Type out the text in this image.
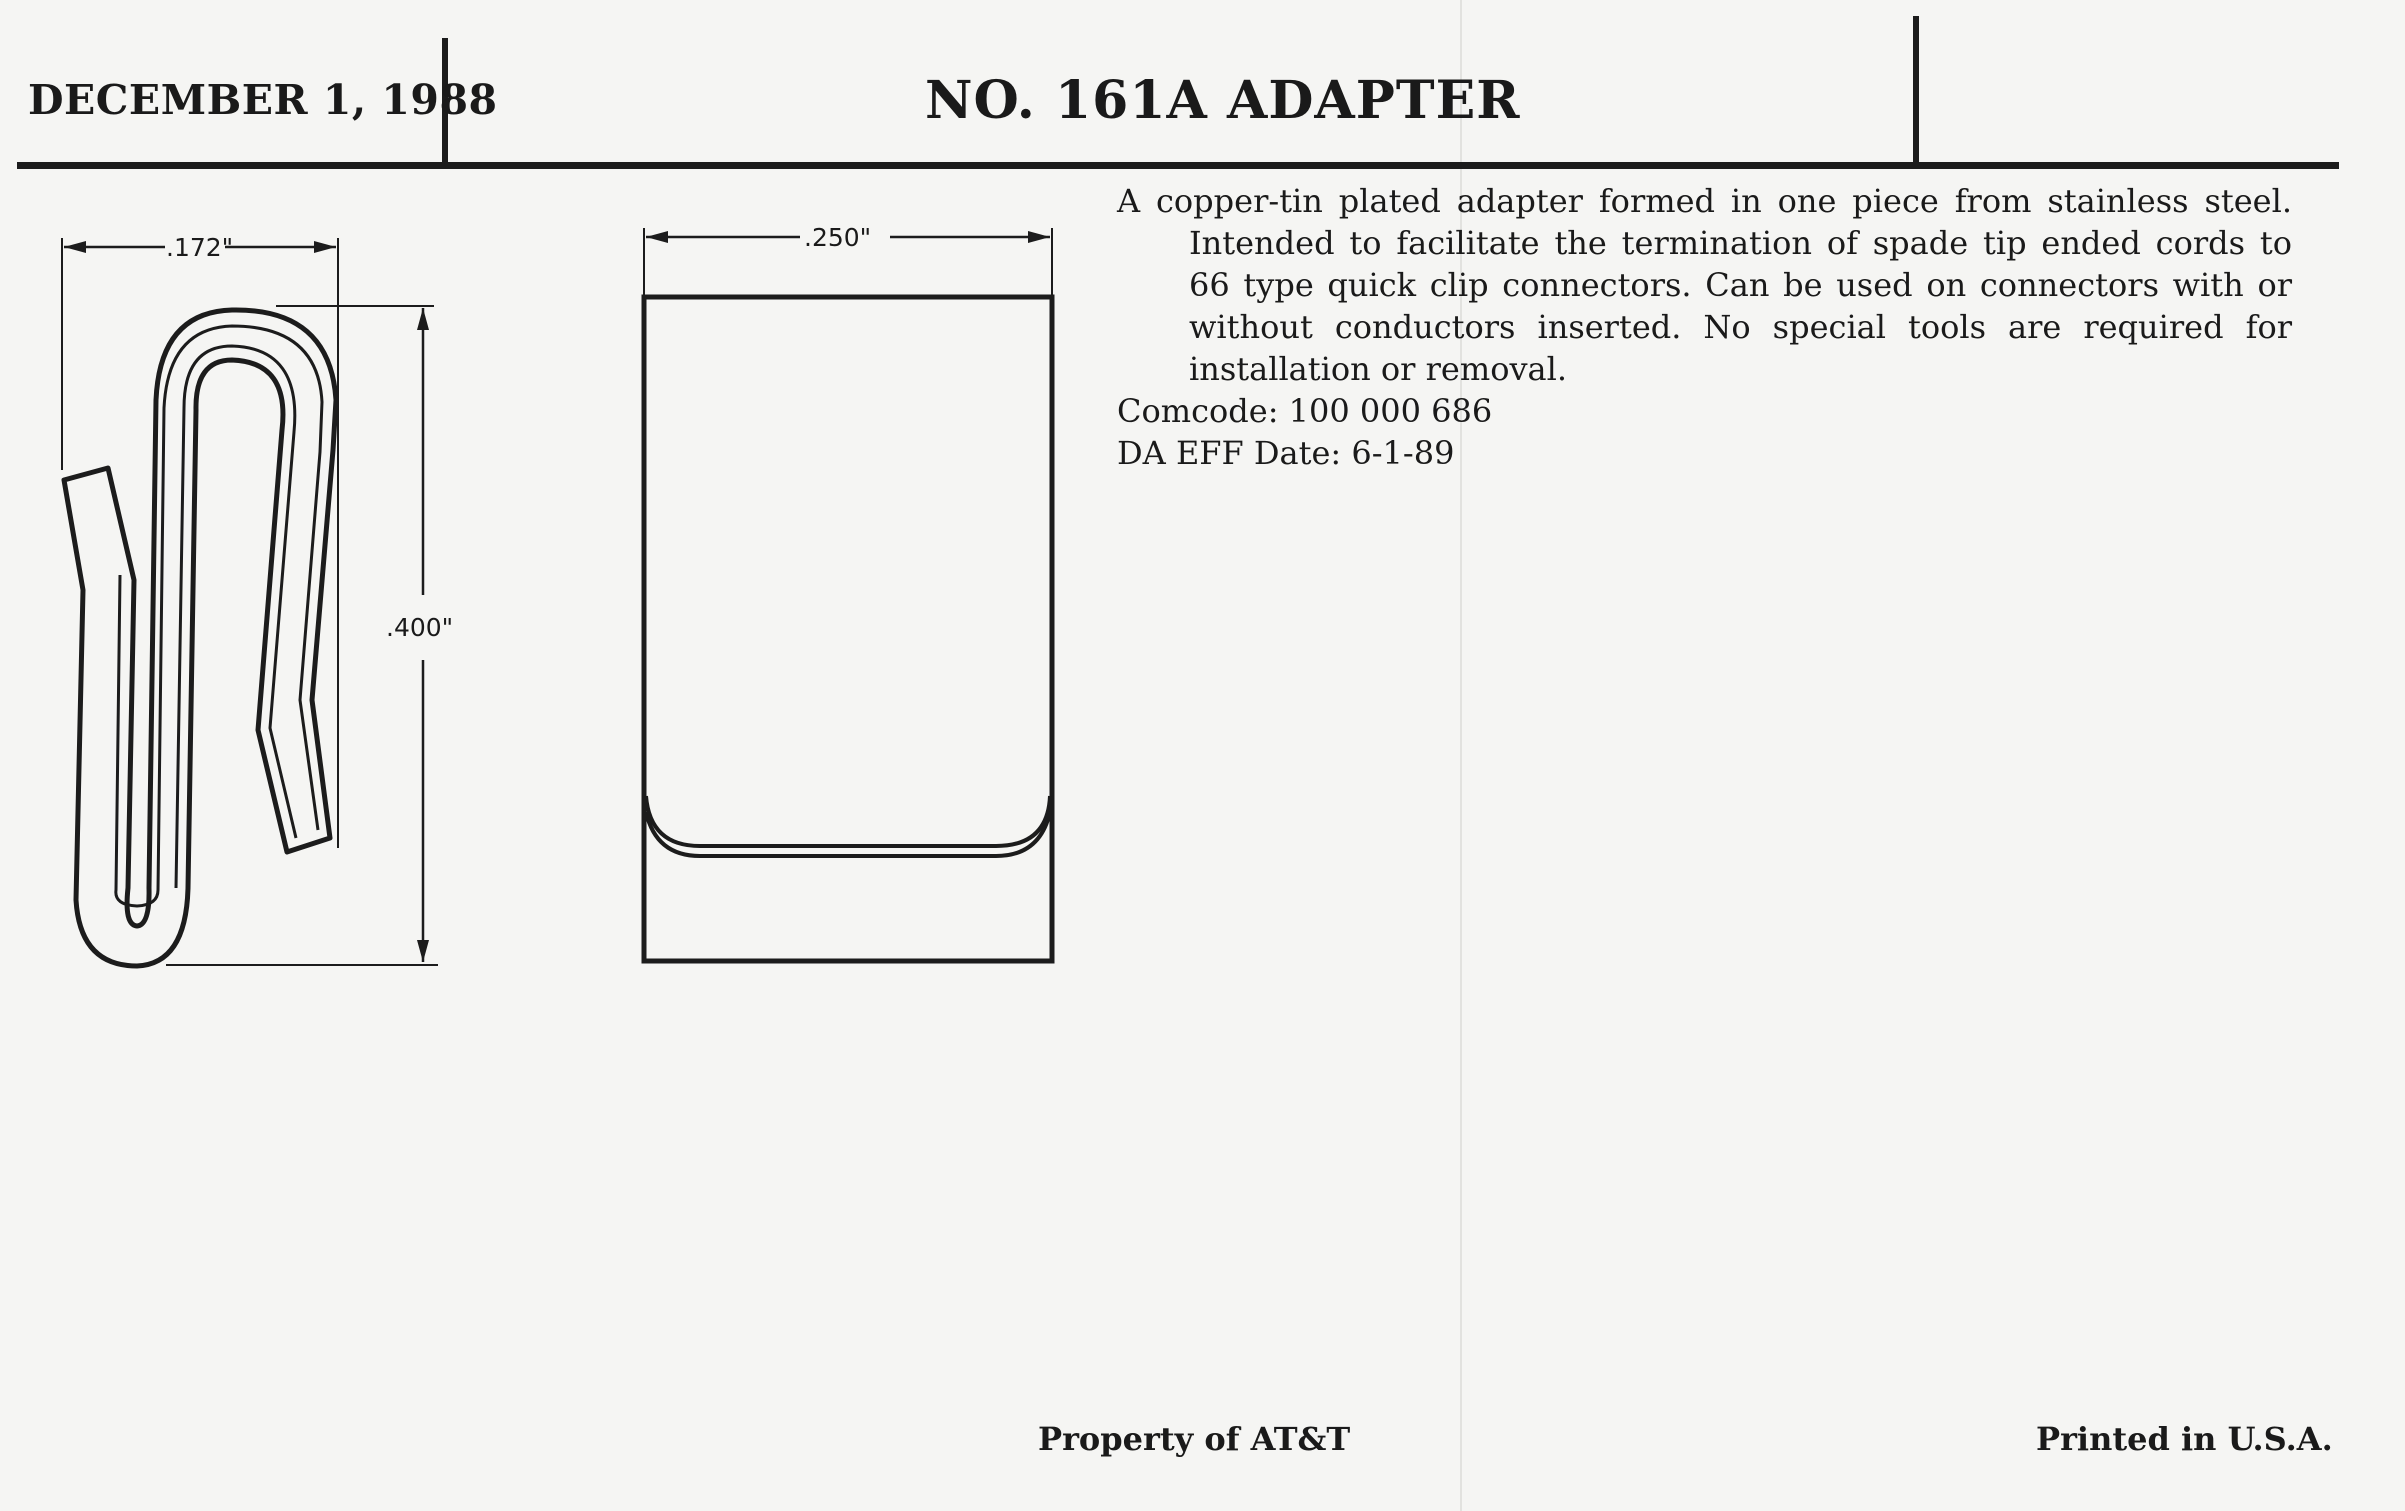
DECEMBER 1, 1988	NO. 161A ADAPTER
.172"
.400"
.250"

A copper-tin plated adapter formed in one piece from stainless steel. Intended to facilitate the termination of spade tip ended cords to 66 type quick clip connectors. Can be used on connectors with or without conductors inserted. No special tools are required for installation or removal.

Comcode: 100 000 686

DA EFF Date: 6-1-89

Property of AT&T	Printed in U.S.A.
